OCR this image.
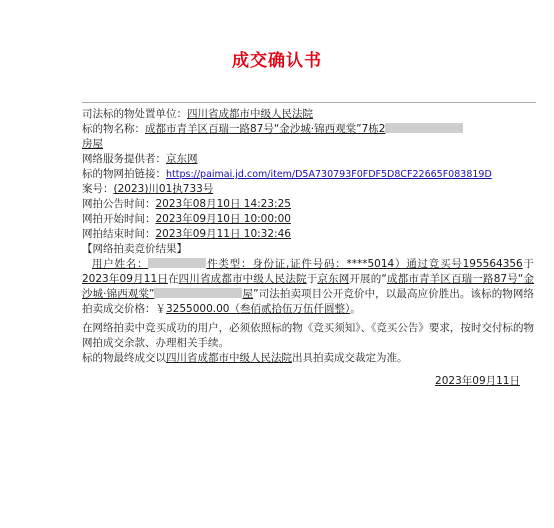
成交确认书
司法标的物处置单位：四川省成都市中级人民法院
标的物名称：成都市青羊区百瑞一路87号“金沙城·锦西观棠”7栋2
房屋
网络服务提供者：京东网
标的物网拍链接：https://paimai.jd.com/item/D5A730793F0FDF5D8CF22665F083819D
案号：(2023)川01执733号
网拍公告时间：2023年08月10日 14:23:25
网拍开始时间：2023年09月10日 10:00:00
网拍结束时间：2023年09月11日 10:32:46
【网络拍卖竞价结果】
用户姓名：	件类型：身份证,证件号码：****5014）通过竞买号195564356于2023年09月11日在四川省成都市中级人民法院于京东网开展的“成都市青羊区百瑞一路87号“金沙城·锦西观棠”	屋”司法拍卖项目公开竞价中，以最高应价胜出。该标的物网络拍卖成交价格：￥3255000.00（叁佰贰拾伍万伍仟圆整）。
在网络拍卖中竞买成功的用户，必须依照标的物《竞买须知》、《竞买公告》要求，按时交付标的物网拍成交余款、办理相关手续。
标的物最终成交以四川省成都市中级人民法院出具拍卖成交裁定为准。
2023年09月11日
